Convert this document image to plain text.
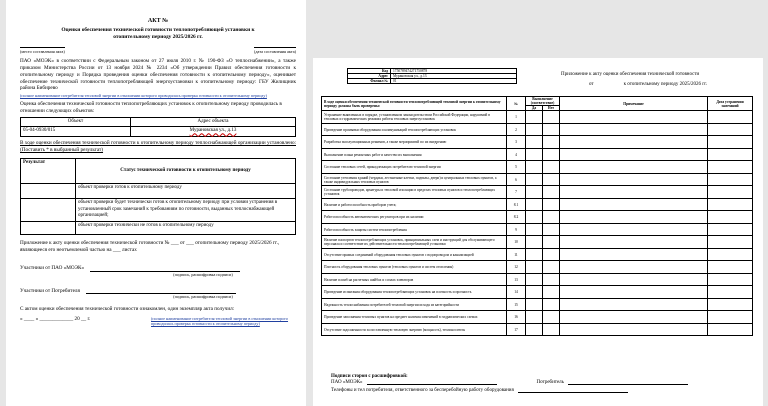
АКТ №
Оценки обеспечения технической готовности теплопотребляющей установки к отопительному периоду 2025/2026 гг.
(место составления акта)	(дата составления акта)

ПАО «МОЭК» в соответствии с Федеральным законом от 27 июля 2010 г. № 190-ФЗ «О теплоснабжении», а также приказом Министерства России от 13 ноября 2024 № 2234 «Об утверждении Правил обеспечения готовности к отопительному периоду и Порядка проведения оценки обеспечения готовности к отопительному периоду», оценивает обеспечение технической готовности теплопотребляющей энергоустановки к отопительному периоду: ГБУ Жилищник района Бибирево

(полное наименование потребителя тепловой энергии в отношении которого проводилась проверка готовности к отопительному периоду)

Оценка обеспечения технической готовности теплопотребляющих установок к отопительному периоду проводилась в отношении следующих объектов:

Объект	Адрес объекта
05-04-0930/015	Мурановская ул., д.13

В ходе оценки обеспечения технической готовности к отопительному периоду теплоснабжающей организации установлено: (Поставить * в выбранный результат)

Результат	Статус технической готовности к отопительному периоду
	объект проверки готов к отопительному периоду
	объект проверки будет технически готов к отопительному периоду при условии устранения в установленный срок замечаний к требованиям по готовности, выданных теплоснабжающей организацией;
	объект проверки технически не готов к отопительному периоду

Приложение к акту оценки обеспечения технической готовности № ___ от ___ отопительному периоду 2025/2026 гг., являющееся его неотъемлемой частью на ___ листах

Участники от ПАО «МОЭК»
(подпись, расшифровка подписи)
Участники от Потребителя
(подпись, расшифровка подписи)

С актом оценки обеспечения технической готовности ознакомлен, один экземпляр акта получил:

« ____ » _____________ 20 __ г.	(полное наименование потребителя тепловой энергии в отношении которого проводилась проверка готовности к отопительному периоду)
Код	1750789474271750878
Адрес	Мурановская ул., д.13
Филиал №	01
Приложение к акту оценки обеспечения технической готовности
от	к отопительному периоду 2025/2026 гг.
В ходе оценки обеспечения технической готовности теплопотребляющей тепловой энергии к отопительному периоду должны быть проверены:	№	Выполнение (соответствие)		Примечание	Дата устранения замечаний
		Да	Нет		
Устранение выявленных в порядке, установленном законодательством Российской Федерации, нарушений в тепловых и гидравлических режимах работы тепловых энергоустановок	1				
Проведение промывки оборудования и коммуникаций теплопотребляющих установок	2				
Разработка эксплуатационных режимов, а также мероприятий по их внедрению	3				
Выполнение плана ремонтных работ и качество их выполнения	4				
Состояние тепловых сетей, принадлежащих потребителю тепловой энергии	5				
Состояние утепления зданий (чердаки, лестничные клетки, подвалы, двери) и центральных тепловых пунктов, а также индивидуальных тепловых пунктов	6				
Состояние трубопроводов, арматуры и тепловой изоляции в пределах тепловых пунктов и теплопотребляющих установок	7				
Наличие и работоспособность приборов учета;	8.1				
Работоспособность автоматических регуляторов при их наличии	8.2				
Работоспособность защиты систем теплопотребления	9				
Наличие паспортов теплопотребляющих установок, принципиальных схем и инструкций для обслуживающего персонала и соответствие их действительности теплопотребляющей установки	10				
Отсутствие прямых соединений оборудования тепловых пунктов с водопроводом и канализацией	11				
Плотность оборудования тепловых пунктов (тепловых пунктов и систем отопления)	12				
Наличие пломб на расчетных шайбах и соплах элеваторов	13				
Проведение испытания оборудования теплопотребляющих установок на плотность и прочность	14				
Надежность теплоснабжения потребителей тепловой энергии исходя из категорийности	15				
Проведение заполнения тепловых пунктов на предмет наличия изменений в гидравлических схемах	16				
Отсутствие задолженности за поставленную тепловую энергию (мощность), теплоноситель	17				
Подписи сторон с расшифровкой:
ПАО «МОЭК»	Потребитель
Телефоны и тел потребителя, ответственного за бесперебойную работу оборудования
